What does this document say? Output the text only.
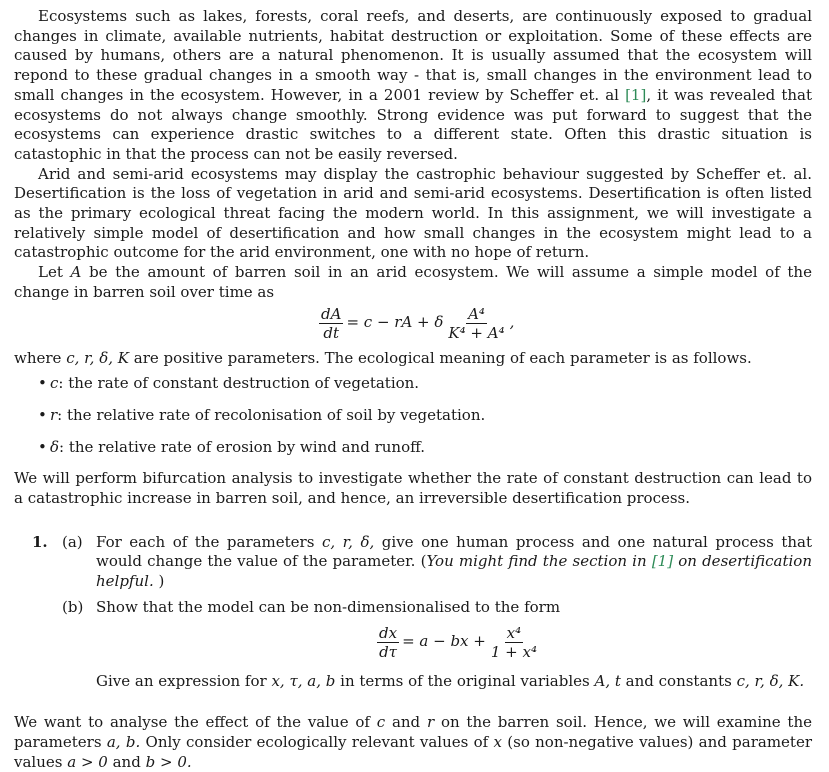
Ecosystems such as lakes, forests, coral reefs, and deserts, are continuously exposed to gradual changes in climate, available nutrients, habitat destruction or exploitation. Some of these effects are caused by humans, others are a natural phenomenon. It is usually assumed that the ecosystem will repond to these gradual changes in a smooth way - that is, small changes in the environment lead to small changes in the ecosystem. However, in a 2001 review by Scheffer et. al [1], it was revealed that ecosystems do not always change smoothly. Strong evidence was put forward to suggest that the ecosystems can experience drastic switches to a different state. Often this drastic situation is catastophic in that the process can not be easily reversed.

Arid and semi-arid ecosystems may display the castrophic behaviour suggested by Scheffer et. al. Desertification is the loss of vegetation in arid and semi-arid ecosystems. Desertification is often listed as the primary ecological threat facing the modern world. In this assignment, we will investigate a relatively simple model of desertification and how small changes in the ecosystem might lead to a catastrophic outcome for the arid environment, one with no hope of return.

Let A be the amount of barren soil in an arid ecosystem. We will assume a simple model of the change in barren soil over time as

$\frac{dA}{dt} = c$ − rA + δ $\frac{\text{A⁴}}{\text{K⁴ + A⁴}}$ ,

where c, r, δ, K are positive parameters. The ecological meaning of each parameter is as follows.

• c: the rate of constant destruction of vegetation.
• r: the relative rate of recolonisation of soil by vegetation.
• δ: the relative rate of erosion by wind and runoff.

We will perform bifurcation analysis to investigate whether the rate of constant destruction can lead to a catastrophic increase in barren soil, and hence, an irreversible desertification process.

1. (a) For each of the parameters c, r, δ, give one human process and one natural process that would change the value of the parameter. (You might find the section in [1] on desertification helpful. )

(b) Show that the model can be non-dimensionalised to the form

$\frac{dx}{d\tau} = a$ − bx + $\frac{\text{x⁴}}{\text{1 + x⁴}}$

Give an expression for x, τ, a, b in terms of the original variables A, t and constants c, r, δ, K.

We want to analyse the effect of the value of c and r on the barren soil. Hence, we will examine the parameters a, b. Only consider ecologically relevant values of x (so non-negative values) and parameter values a > 0 and b > 0.
